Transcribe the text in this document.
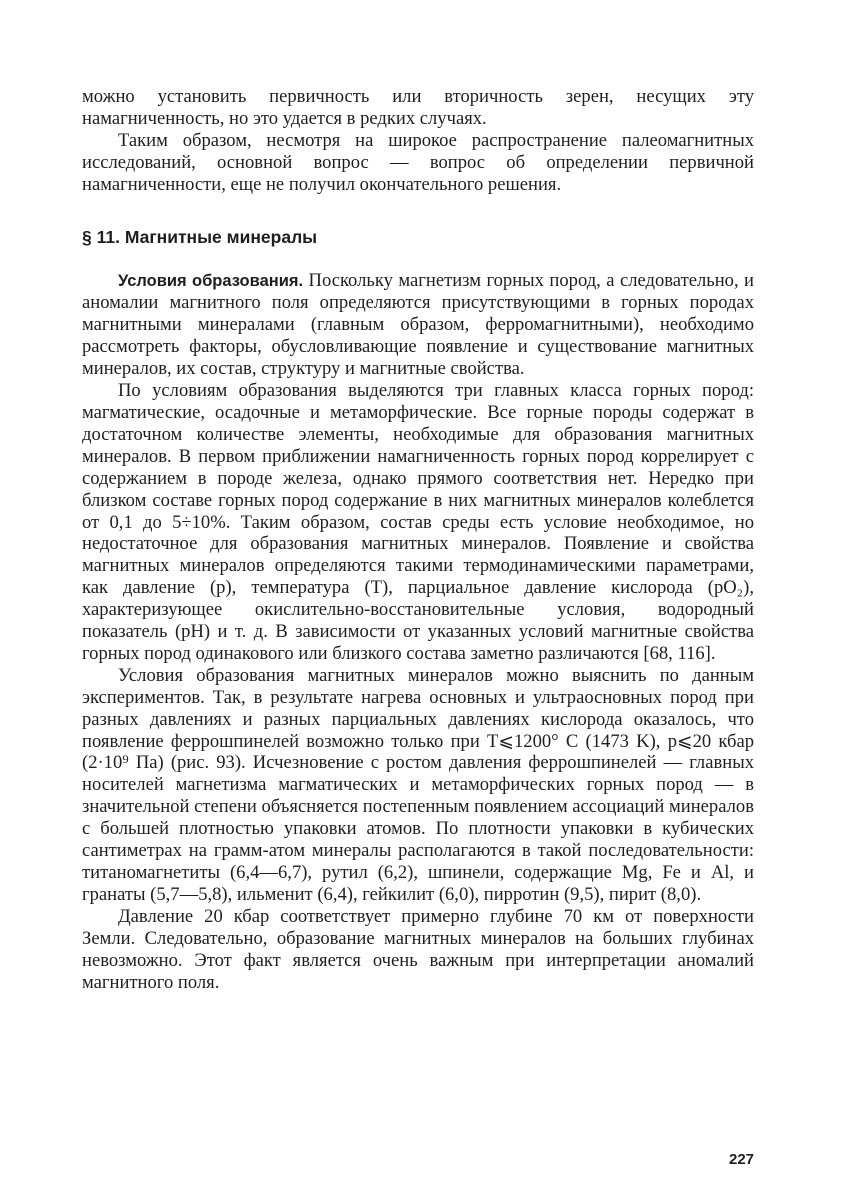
можно установить первичность или вторичность зерен, несущих эту намагниченность, но это удается в редких случаях.

Таким образом, несмотря на широкое распространение палеомагнитных исследований, основной вопрос — вопрос об определении первичной намагниченности, еще не получил окончательного решения.

§ 11. Магнитные минералы

Условия образования. Поскольку магнетизм горных пород, а следовательно, и аномалии магнитного поля определяются присутствующими в горных породах магнитными минералами (главным образом, ферромагнитными), необходимо рассмотреть факторы, обусловливающие появление и существование магнитных минералов, их состав, структуру и магнитные свойства.

По условиям образования выделяются три главных класса горных пород: магматические, осадочные и метаморфические. Все горные породы содержат в достаточном количестве элементы, необходимые для образования магнитных минералов. В первом приближении намагниченность горных пород коррелирует с содержанием в породе железа, однако прямого соответствия нет. Нередко при близком составе горных пород содержание в них магнитных минералов колеблется от 0,1 до 5÷10%. Таким образом, состав среды есть условие необходимое, но недостаточное для образования магнитных минералов. Появление и свойства магнитных минералов определяются такими термодинамическими параметрами, как давление (p), температура (T), парциальное давление кислорода (pO₂), характеризующее окислительно-восстановительные условия, водородный показатель (pH) и т. д. В зависимости от указанных условий магнитные свойства горных пород одинакового или близкого состава заметно различаются [68, 116].

Условия образования магнитных минералов можно выяснить по данным экспериментов. Так, в результате нагрева основных и ультраосновных пород при разных давлениях и разных парциальных давлениях кислорода оказалось, что появление феррошпинелей возможно только при T⩽1200° C (1473 K), p⩽20 кбар (2·10⁹ Па) (рис. 93). Исчезновение с ростом давления феррошпинелей — главных носителей магнетизма магматических и метаморфических горных пород — в значительной степени объясняется постепенным появлением ассоциаций минералов с большей плотностью упаковки атомов. По плотности упаковки в кубических сантиметрах на грамм-атом минералы располагаются в такой последовательности: титаномагнетиты (6,4—6,7), рутил (6,2), шпинели, содержащие Mg, Fe и Al, и гранаты (5,7—5,8), ильменит (6,4), гейкилит (6,0), пирротин (9,5), пирит (8,0).

Давление 20 кбар соответствует примерно глубине 70 км от поверхности Земли. Следовательно, образование магнитных минералов на больших глубинах невозможно. Этот факт является очень важным при интерпретации аномалий магнитного поля.

227
